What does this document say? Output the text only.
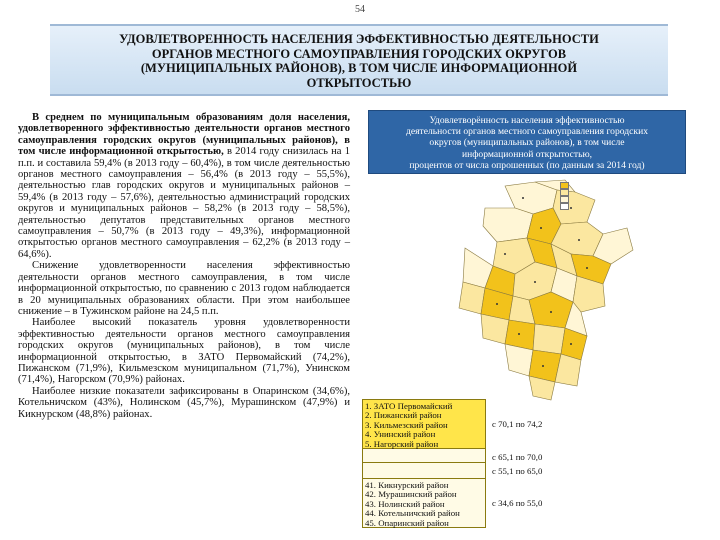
54
УДОВЛЕТВОРЕННОСТЬ НАСЕЛЕНИЯ ЭФФЕКТИВНОСТЬЮ ДЕЯТЕЛЬНОСТИ
ОРГАНОВ МЕСТНОГО САМОУПРАВЛЕНИЯ ГОРОДСКИХ ОКРУГОВ
(МУНИЦИПАЛЬНЫХ РАЙОНОВ), В ТОМ ЧИСЛЕ ИНФОРМАЦИОННОЙ
ОТКРЫТОСТЬЮ

В среднем по муниципальным образованиям доля населения, удовлетворенного эффективностью деятельности органов местного самоуправления городских округов (муниципальных районов), в том числе информационной открытостью, в 2014 году снизилась на 1 п.п. и составила 59,4% (в 2013 году – 60,4%), в том числе деятельностью органов местного самоуправления – 56,4% (в 2013 году – 55,5%), деятельностью глав городских округов и муниципальных районов – 59,4% (в 2013 году – 57,6%), деятельностью администраций городских округов и муниципальных районов – 58,2% (в 2013 году – 58,5%), деятельностью депутатов представительных органов местного самоуправления – 50,7% (в 2013 году – 49,3%), информационной открытостью органов местного самоуправления – 62,2% (в 2013 году – 64,6%).

Снижение удовлетворенности населения эффективностью деятельности органов местного самоуправления, в том числе информационной открытостью, по сравнению с 2013 годом наблюдается в 20 муниципальных образованиях области. При этом наибольшее снижение – в Тужинском районе на 24,5 п.п.

Наиболее высокий показатель уровня удовлетворенности эффективностью деятельности органов местного самоуправления городских округов (муниципальных районов), в том числе информационной открытостью, в ЗАТО Первомайский (74,2%), Пижанском (71,9%), Кильмезском муниципальном (71,7%), Унинском (71,4%), Нагорском (70,9%) районах.

Наиболее низкие показатели зафиксированы в Опаринском (34,6%), Котельничском (43%), Нолинском (45,7%), Мурашинском (47,9%) и Кикнурском (48,8%) районах.

Удовлетворённость населения эффективностью
деятельности органов местного самоуправления городских
округов (муниципальных районов), в том числе
информационной открытостью,
процентов от числа опрошенных (по данным за 2014 год)
1. ЗАТО Первомайский
2. Пижанский район
3. Кильмезский район
4. Унинский район
5. Нагорский район
41. Кикнурский район
42. Мурашинский район
43. Нолинский район
44. Котельничский район
45. Опаринский район
с 70,1 по 74,2
с 65,1 по 70,0
с 55,1 по 65,0
с 34,6 по 55,0
